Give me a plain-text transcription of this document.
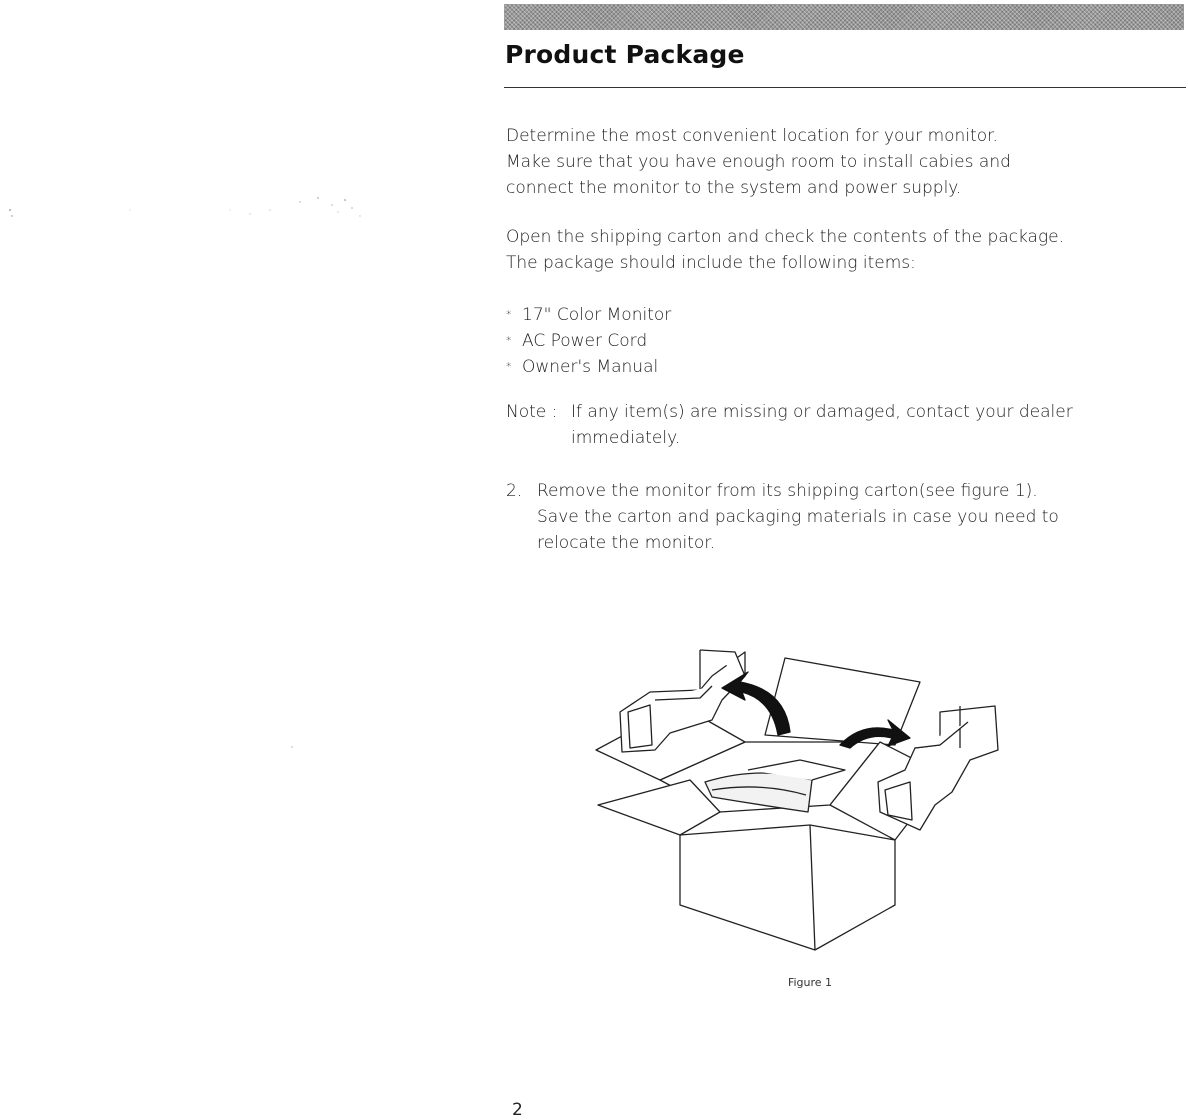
Product Package
Determine the most convenient location for your monitor.
Make sure that you have enough room to install cabies and
connect the monitor to the system and power supply.
Open the shipping carton and check the contents of the package.
The package should include the following items:
* 17" Color Monitor
* AC Power Cord
* Owner's Manual
Note : If any item(s) are missing or damaged, contact your dealer
immediately.
2. Remove the monitor from its shipping carton(see figure 1).
Save the carton and packaging materials in case you need to
relocate the monitor.
Figure 1
2
